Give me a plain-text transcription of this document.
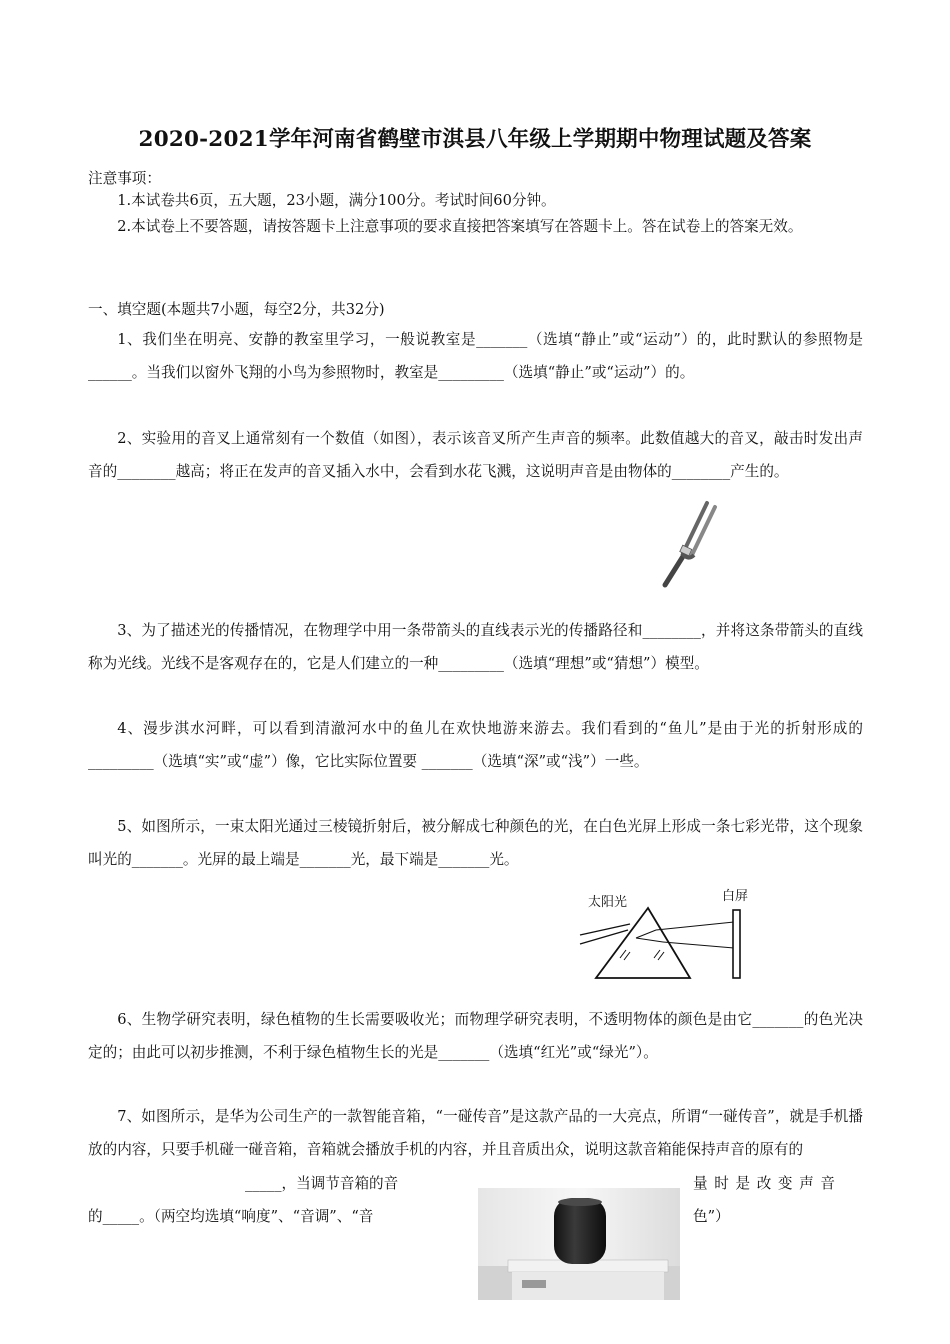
2020-2021学年河南省鹤壁市淇县八年级上学期期中物理试题及答案
注意事项：
1.本试卷共6页，五大题，23小题，满分100分。考试时间60分钟。
2.本试卷上不要答题，请按答题卡上注意事项的要求直接把答案填写在答题卡上。答在试卷上的答案无效。
一、填空题(本题共7小题，每空2分，共32分)
1、我们坐在明亮、安静的教室里学习，一般说教室是_______（选填“静止”或“运动”）的，此时默认的参照物是______。当我们以窗外飞翔的小鸟为参照物时，教室是_________（选填“静止”或“运动”）的。
2、实验用的音叉上通常刻有一个数值（如图），表示该音叉所产生声音的频率。此数值越大的音叉，敲击时发出声音的________越高；将正在发声的音叉插入水中，会看到水花飞溅，这说明声音是由物体的________产生的。
3、为了描述光的传播情况，在物理学中用一条带箭头的直线表示光的传播路径和________，并将这条带箭头的直线称为光线。光线不是客观存在的，它是人们建立的一种_________（选填“理想”或“猜想”）模型。
4、漫步淇水河畔，可以看到清澈河水中的鱼儿在欢快地游来游去。我们看到的“鱼儿”是由于光的折射形成的_________（选填“实”或“虚”）像，它比实际位置要 _______（选填“深”或“浅”）一些。
5、如图所示，一束太阳光通过三棱镜折射后，被分解成七种颜色的光，在白色光屏上形成一条七彩光带，这个现象叫光的_______。光屏的最上端是_______光，最下端是_______光。
太阳光	白屏
6、生物学研究表明，绿色植物的生长需要吸收光；而物理学研究表明，不透明物体的颜色是由它_______的色光决定的；由此可以初步推测，不利于绿色植物生长的光是_______（选填“红光”或“绿光”）。
7、如图所示，是华为公司生产的一款智能音箱，“一碰传音”是这款产品的一大亮点，所谓“一碰传音”，就是手机播放的内容，只要手机碰一碰音箱，音箱就会播放手机的内容，并且音质出众，说明这款音箱能保持声音的原有的
_____，当调节音箱的音	量 时 是 改 变 声 音
的_____。（两空均选填“响度”、“音调”、“音	色”）
